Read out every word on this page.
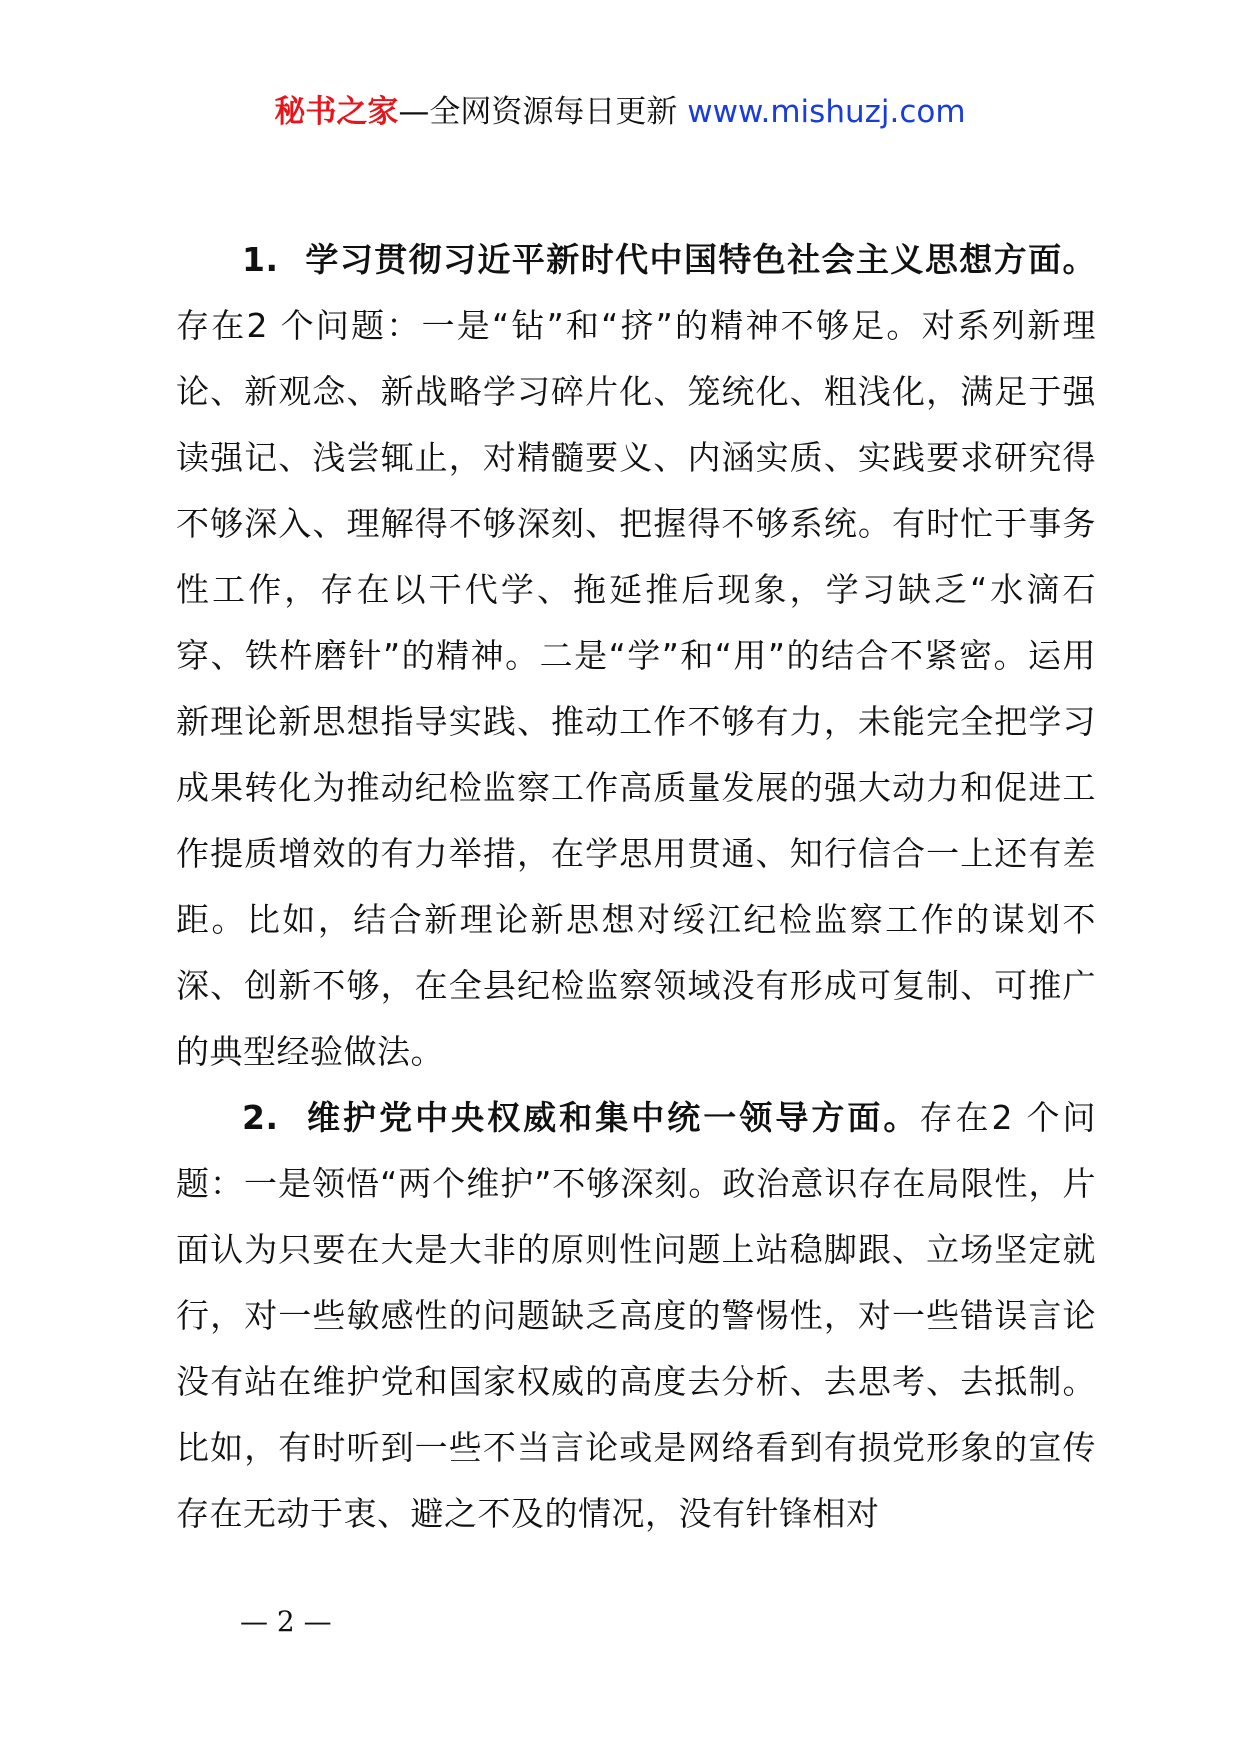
秘书之家—全网资源每日更新 www.mishuzj.com

1. 学习贯彻习近平新时代中国特色社会主义思想方面。存在2 个问题：一是“钻”和“挤”的精神不够足。对系列新理论、新观念、新战略学习碎片化、笼统化、粗浅化，满足于强读强记、浅尝辄止，对精髓要义、内涵实质、实践要求研究得不够深入、理解得不够深刻、把握得不够系统。有时忙于事务性工作，存在以干代学、拖延推后现象，学习缺乏“水滴石穿、铁杵磨针”的精神。二是“学”和“用”的结合不紧密。运用新理论新思想指导实践、推动工作不够有力，未能完全把学习成果转化为推动纪检监察工作高质量发展的强大动力和促进工作提质增效的有力举措，在学思用贯通、知行信合一上还有差距。比如，结合新理论新思想对绥江纪检监察工作的谋划不深、创新不够，在全县纪检监察领域没有形成可复制、可推广的典型经验做法。

2. 维护党中央权威和集中统一领导方面。存在2 个问题：一是领悟“两个维护”不够深刻。政治意识存在局限性，片面认为只要在大是大非的原则性问题上站稳脚跟、立场坚定就行，对一些敏感性的问题缺乏高度的警惕性，对一些错误言论没有站在维护党和国家权威的高度去分析、去思考、去抵制。比如，有时听到一些不当言论或是网络看到有损党形象的宣传存在无动于衷、避之不及的情况，没有针锋相对

— 2 —
